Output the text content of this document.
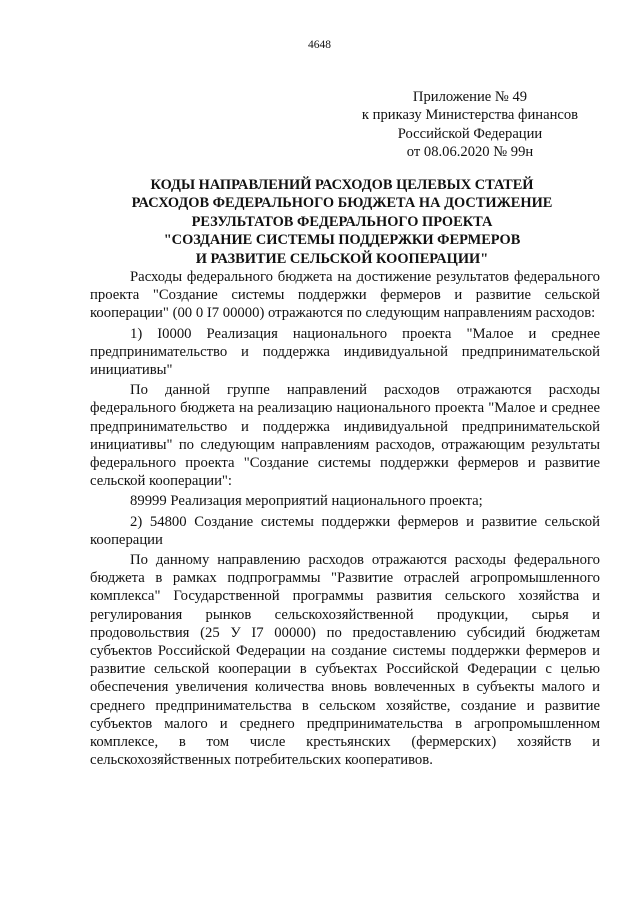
4648
Приложение № 49
к приказу Министерства финансов
Российской Федерации
от 08.06.2020 № 99н
КОДЫ НАПРАВЛЕНИЙ РАСХОДОВ ЦЕЛЕВЫХ СТАТЕЙ
РАСХОДОВ ФЕДЕРАЛЬНОГО БЮДЖЕТА НА ДОСТИЖЕНИЕ
РЕЗУЛЬТАТОВ ФЕДЕРАЛЬНОГО ПРОЕКТА
"СОЗДАНИЕ СИСТЕМЫ ПОДДЕРЖКИ ФЕРМЕРОВ
И РАЗВИТИЕ СЕЛЬСКОЙ КООПЕРАЦИИ"

Расходы федерального бюджета на достижение результатов федерального проекта "Создание системы поддержки фермеров и развитие сельской кооперации" (00 0 I7 00000) отражаются по следующим направлениям расходов:

1) I0000 Реализация национального проекта "Малое и среднее предпринимательство и поддержка индивидуальной предпринимательской инициативы"

По данной группе направлений расходов отражаются расходы федерального бюджета на реализацию национального проекта "Малое и среднее предпринимательство и поддержка индивидуальной предпринимательской инициативы" по следующим направлениям расходов, отражающим результаты федерального проекта "Создание системы поддержки фермеров и развитие сельской кооперации":

89999 Реализация мероприятий национального проекта;

2) 54800 Создание системы поддержки фермеров и развитие сельской кооперации

По данному направлению расходов отражаются расходы федерального бюджета в рамках подпрограммы "Развитие отраслей агропромышленного комплекса" Государственной программы развития сельского хозяйства и регулирования рынков сельскохозяйственной продукции, сырья и продовольствия (25 У I7 00000) по предоставлению субсидий бюджетам субъектов Российской Федерации на создание системы поддержки фермеров и развитие сельской кооперации в субъектах Российской Федерации с целью обеспечения увеличения количества вновь вовлеченных в субъекты малого и среднего предпринимательства в сельском хозяйстве, создание и развитие субъектов малого и среднего предпринимательства в агропромышленном комплексе, в том числе крестьянских (фермерских) хозяйств и сельскохозяйственных потребительских кооперативов.
